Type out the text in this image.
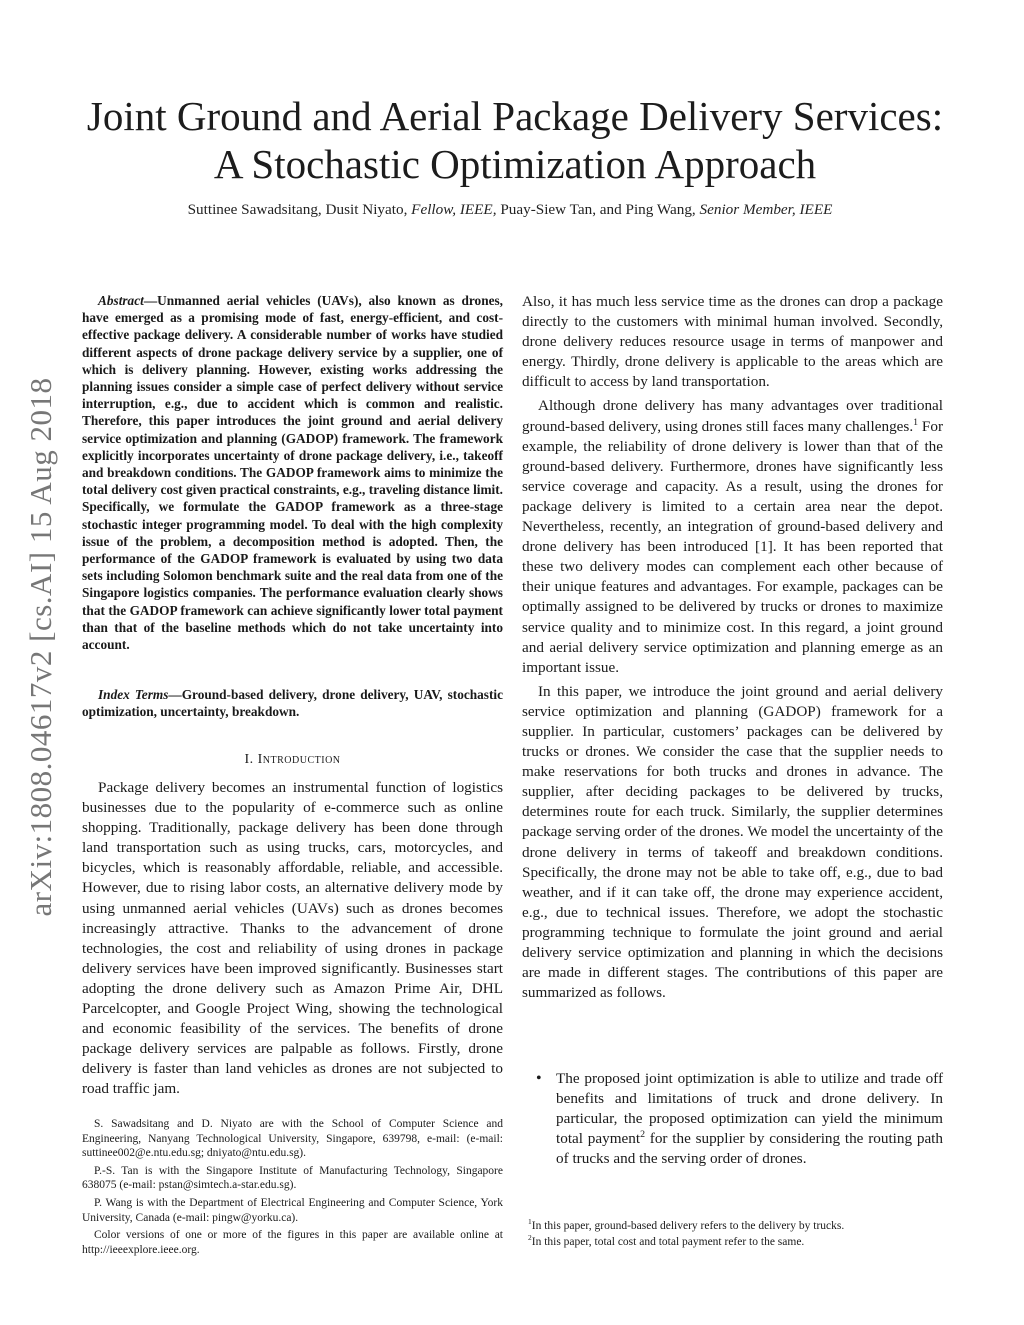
arXiv:1808.04617v2 [cs.AI] 15 Aug 2018
Joint Ground and Aerial Package Delivery Services:
A Stochastic Optimization Approach
Suttinee Sawadsitang, Dusit Niyato, Fellow, IEEE, Puay-Siew Tan, and Ping Wang, Senior Member, IEEE

Abstract—Unmanned aerial vehicles (UAVs), also known as drones, have emerged as a promising mode of fast, energy-efficient, and cost-effective package delivery. A considerable number of works have studied different aspects of drone package delivery service by a supplier, one of which is delivery planning. However, existing works addressing the planning issues consider a simple case of perfect delivery without service interruption, e.g., due to accident which is common and realistic. Therefore, this paper introduces the joint ground and aerial delivery service optimization and planning (GADOP) framework. The framework explicitly incorporates uncertainty of drone package delivery, i.e., takeoff and breakdown conditions. The GADOP framework aims to minimize the total delivery cost given practical constraints, e.g., traveling distance limit. Specifically, we formulate the GADOP framework as a three-stage stochastic integer programming model. To deal with the high complexity issue of the problem, a decomposition method is adopted. Then, the performance of the GADOP framework is evaluated by using two data sets including Solomon benchmark suite and the real data from one of the Singapore logistics companies. The performance evaluation clearly shows that the GADOP framework can achieve significantly lower total payment than that of the baseline methods which do not take uncertainty into account.

Index Terms—Ground-based delivery, drone delivery, UAV, stochastic optimization, uncertainty, breakdown.
I. Introduction

Package delivery becomes an instrumental function of logistics businesses due to the popularity of e-commerce such as online shopping. Traditionally, package delivery has been done through land transportation such as using trucks, cars, motorcycles, and bicycles, which is reasonably affordable, reliable, and accessible. However, due to rising labor costs, an alternative delivery mode by using unmanned aerial vehicles (UAVs) such as drones becomes increasingly attractive. Thanks to the advancement of drone technologies, the cost and reliability of using drones in package delivery services have been improved significantly. Businesses start adopting the drone delivery such as Amazon Prime Air, DHL Parcelcopter, and Google Project Wing, showing the technological and economic feasibility of the services. The benefits of drone package delivery services are palpable as follows. Firstly, drone delivery is faster than land vehicles as drones are not subjected to road traffic jam.

S. Sawadsitang and D. Niyato are with the School of Computer Science and Engineering, Nanyang Technological University, Singapore, 639798, e-mail: (e-mail: suttinee002@e.ntu.edu.sg; dniyato@ntu.edu.sg).

P.-S. Tan is with the Singapore Institute of Manufacturing Technology, Singapore 638075 (e-mail: pstan@simtech.a-star.edu.sg).

P. Wang is with the Department of Electrical Engineering and Computer Science, York University, Canada (e-mail: pingw@yorku.ca).

Color versions of one or more of the figures in this paper are available online at http://ieeexplore.ieee.org.

Also, it has much less service time as the drones can drop a package directly to the customers with minimal human involved. Secondly, drone delivery reduces resource usage in terms of manpower and energy. Thirdly, drone delivery is applicable to the areas which are difficult to access by land transportation.

Although drone delivery has many advantages over traditional ground-based delivery, using drones still faces many challenges.$^1$ For example, the reliability of drone delivery is lower than that of the ground-based delivery. Furthermore, drones have significantly less service coverage and capacity. As a result, using the drones for package delivery is limited to a certain area near the depot. Nevertheless, recently, an integration of ground-based delivery and drone delivery has been introduced [1]. It has been reported that these two delivery modes can complement each other because of their unique features and advantages. For example, packages can be optimally assigned to be delivered by trucks or drones to maximize service quality and to minimize cost. In this regard, a joint ground and aerial delivery service optimization and planning emerge as an important issue.

In this paper, we introduce the joint ground and aerial delivery service optimization and planning (GADOP) framework for a supplier. In particular, customers’ packages can be delivered by trucks or drones. We consider the case that the supplier needs to make reservations for both trucks and drones in advance. The supplier, after deciding packages to be delivered by trucks, determines route for each truck. Similarly, the supplier determines package serving order of the drones. We model the uncertainty of the drone delivery in terms of takeoff and breakdown conditions. Specifically, the drone may not be able to take off, e.g., due to bad weather, and if it can take off, the drone may experience accident, e.g., due to technical issues. Therefore, we adopt the stochastic programming technique to formulate the joint ground and aerial delivery service optimization and planning in which the decisions are made in different stages. The contributions of this paper are summarized as follows.

• The proposed joint optimization is able to utilize and trade off benefits and limitations of truck and drone delivery. In particular, the proposed optimization can yield the minimum total payment$^2$ for the supplier by considering the routing path of trucks and the serving order of drones.

$^1$In this paper, ground-based delivery refers to the delivery by trucks.

$^2$In this paper, total cost and total payment refer to the same.
